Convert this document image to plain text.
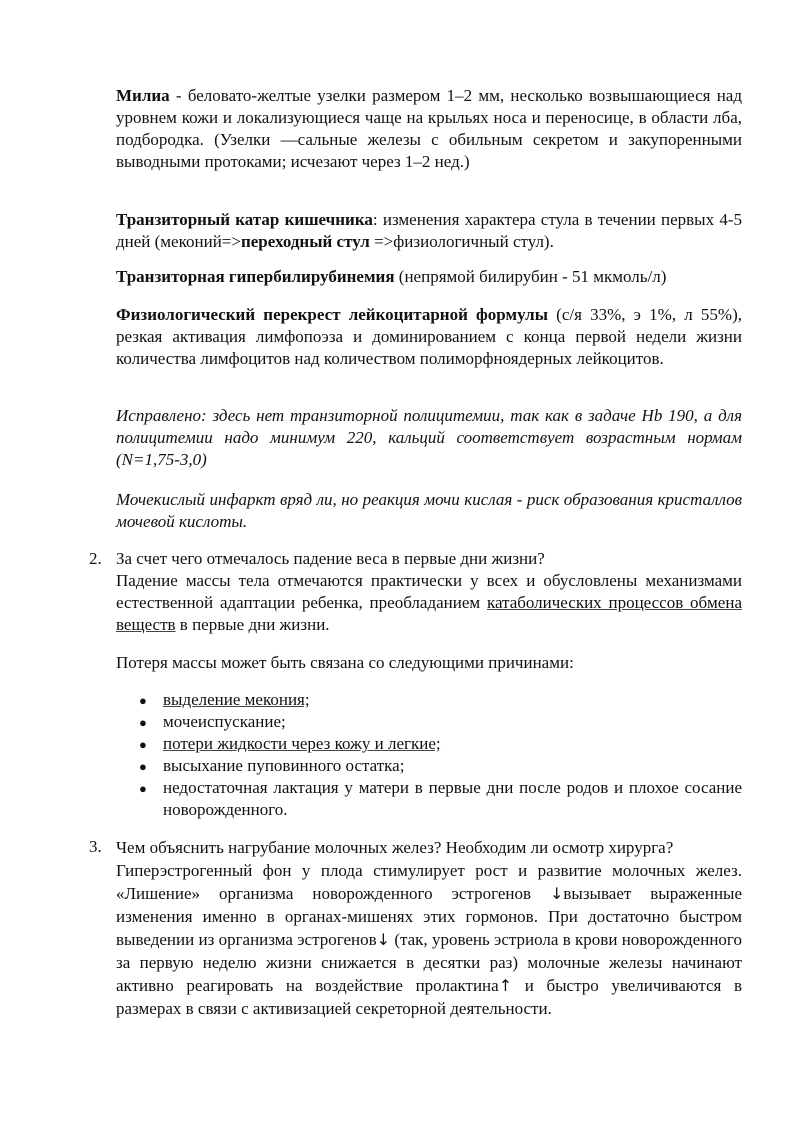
Милиа - беловато-желтые узелки размером 1–2 мм, несколько возвышающиеся над уровнем кожи и локализующиеся чаще на крыльях носа и переносице, в области лба, подбородка. (Узелки —сальные железы с обильным секретом и закупоренными выводными протоками; исчезают через 1–2 нед.)

Транзиторный катар кишечника: изменения характера стула в течении первых 4-5 дней (меконий=>переходный стул =>физиологичный стул).

Транзиторная гипербилирубинемия (непрямой билирубин - 51 мкмоль/л)

Физиологический перекрест лейкоцитарной формулы (с/я 33%, э 1%, л 55%), резкая активация лимфопоэза и доминированием с конца первой недели жизни количества лимфоцитов над количеством полиморфноядерных лейкоцитов.

Исправлено: здесь нет транзиторной полицитемии, так как в задаче Hb 190, а для полицитемии надо минимум 220, кальций соответствует возрастным нормам (N=1,75-3,0)

Мочекислый инфаркт вряд ли, но реакция мочи кислая - риск образования кристаллов мочевой кислоты.

2. За счет чего отмечалось падение веса в первые дни жизни?
Падение массы тела отмечаются практически у всех и обусловлены механизмами естественной адаптации ребенка, преобладанием катаболических процессов обмена веществ в первые дни жизни.

Потеря массы может быть связана со следующими причинами:

● выделение мекония;

● мочеиспускание;

● потери жидкости через кожу и легкие;

● высыхание пуповинного остатка;

● недостаточная лактация у матери в первые дни после родов и плохое сосание новорожденного.

3. Чем объяснить нагрубание молочных желез? Необходим ли осмотр хирурга?
Гиперэстрогенный фон у плода стимулирует рост и развитие молочных желез. «Лишение» организма новорожденного эстрогенов ↓вызывает выраженные изменения именно в органах-мишенях этих гормонов. При достаточно быстром выведении из организма эстрогенов↓ (так, уровень эстриола в крови новорожденного за первую неделю жизни снижается в десятки раз) молочные железы начинают активно реагировать на воздействие пролактина↑ и быстро увеличиваются в размерах в связи с активизацией секреторной деятельности.
